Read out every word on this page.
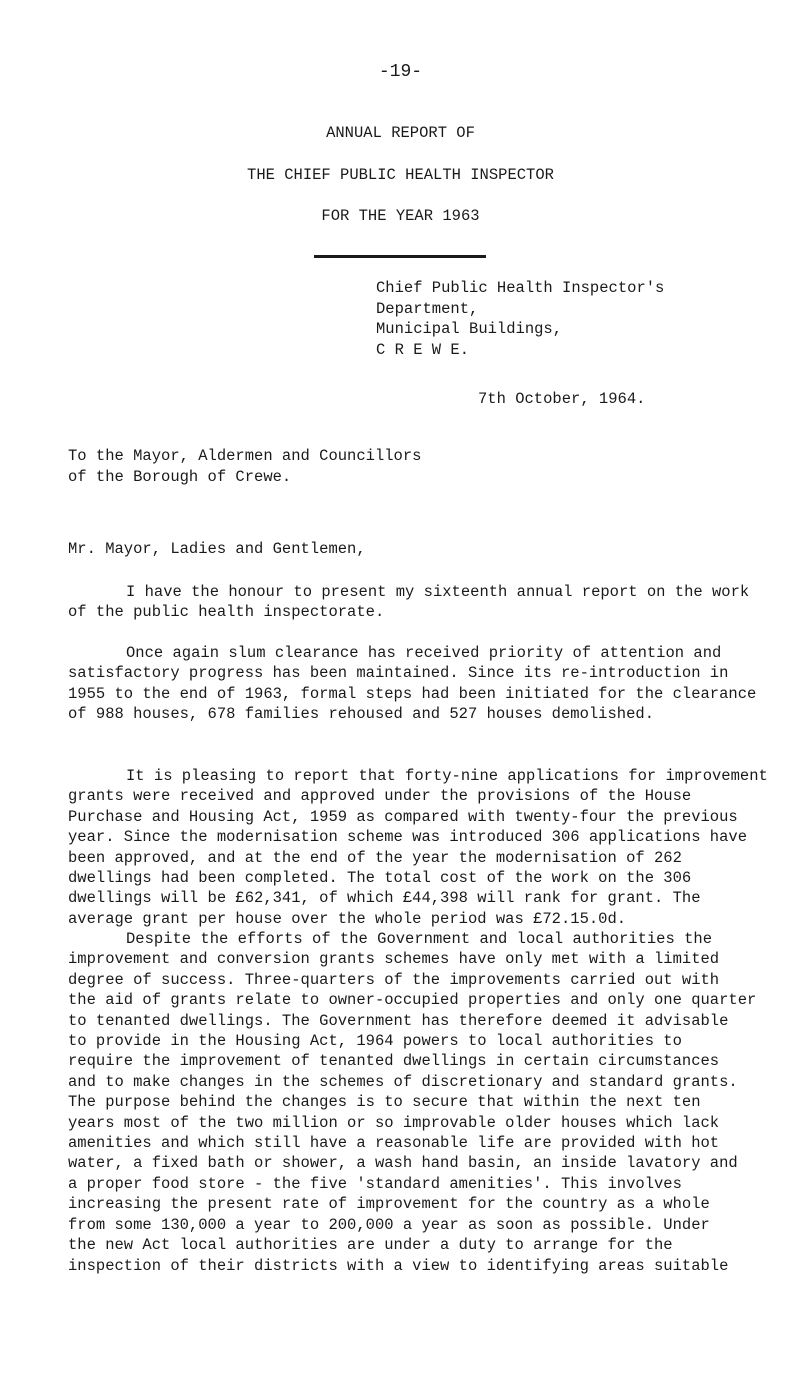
-19-
ANNUAL REPORT OF
THE CHIEF PUBLIC HEALTH INSPECTOR
FOR THE YEAR 1963
Chief Public Health Inspector's
Department,
Municipal Buildings,
C R E W E.
7th October, 1964.
To the Mayor, Aldermen and Councillors
of the Borough of Crewe.
Mr. Mayor, Ladies and Gentlemen,
I have the honour to present my sixteenth annual report on the work
of the public health inspectorate.
Once again slum clearance has received priority of attention and
satisfactory progress has been maintained. Since its re-introduction in
1955 to the end of 1963, formal steps had been initiated for the clearance
of 988 houses, 678 families rehoused and 527 houses demolished.
It is pleasing to report that forty-nine applications for improvement
grants were received and approved under the provisions of the House
Purchase and Housing Act, 1959 as compared with twenty-four the previous
year. Since the modernisation scheme was introduced 306 applications have
been approved, and at the end of the year the modernisation of 262
dwellings had been completed. The total cost of the work on the 306
dwellings will be £62,341, of which £44,398 will rank for grant. The
average grant per house over the whole period was £72.15.0d.
Despite the efforts of the Government and local authorities the
improvement and conversion grants schemes have only met with a limited
degree of success. Three-quarters of the improvements carried out with
the aid of grants relate to owner-occupied properties and only one quarter
to tenanted dwellings. The Government has therefore deemed it advisable
to provide in the Housing Act, 1964 powers to local authorities to
require the improvement of tenanted dwellings in certain circumstances
and to make changes in the schemes of discretionary and standard grants.
The purpose behind the changes is to secure that within the next ten
years most of the two million or so improvable older houses which lack
amenities and which still have a reasonable life are provided with hot
water, a fixed bath or shower, a wash hand basin, an inside lavatory and
a proper food store - the five 'standard amenities'. This involves
increasing the present rate of improvement for the country as a whole
from some 130,000 a year to 200,000 a year as soon as possible. Under
the new Act local authorities are under a duty to arrange for the
inspection of their districts with a view to identifying areas suitable
